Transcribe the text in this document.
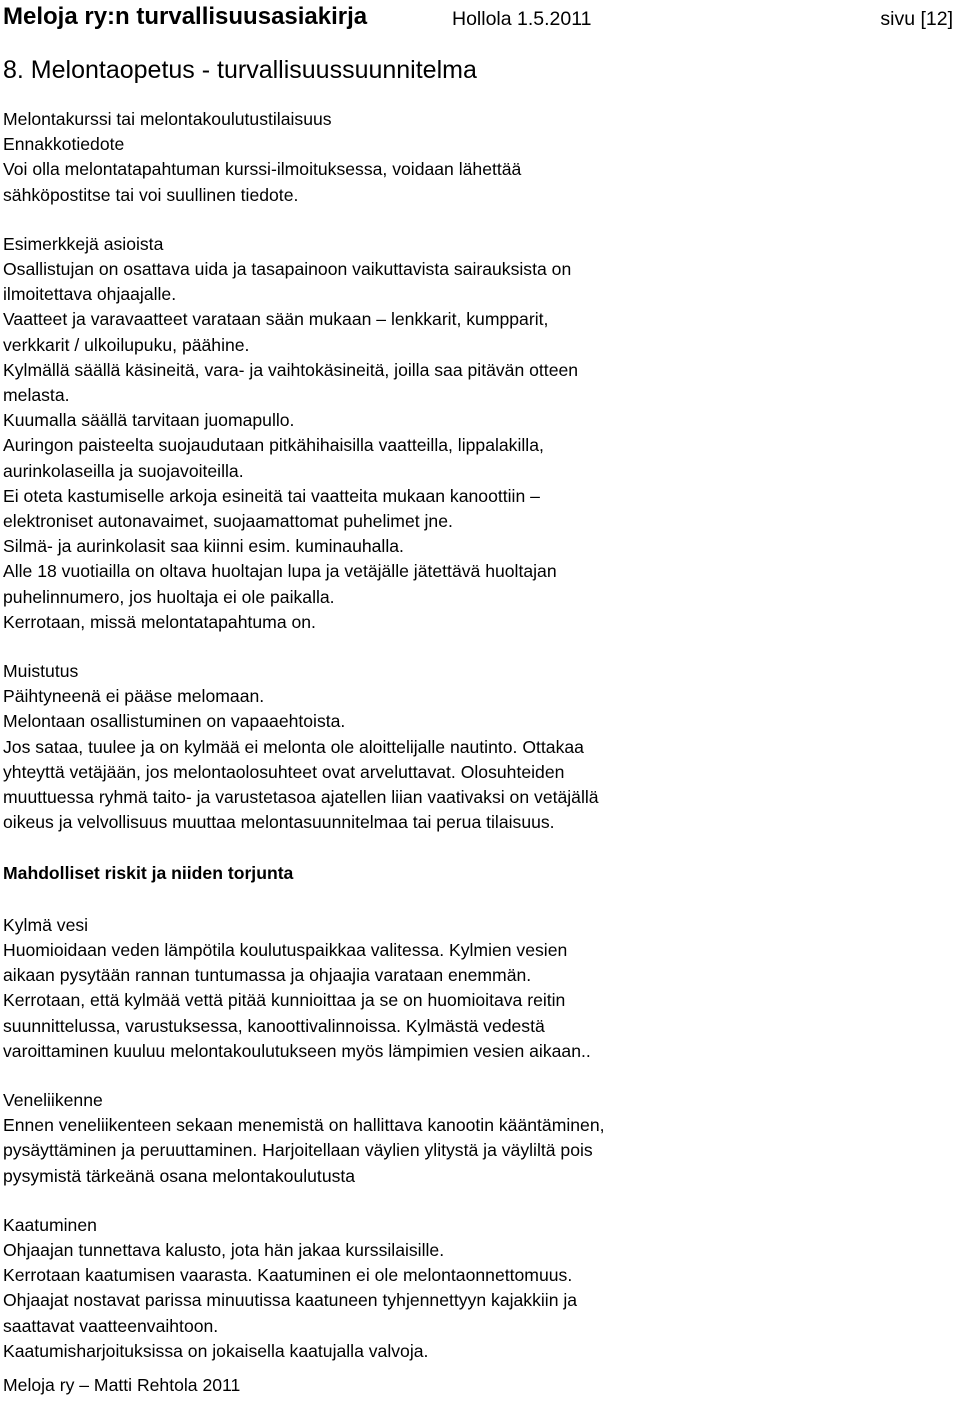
Meloja ry:n turvallisuusasiakirja	Hollola 1.5.2011	sivu [12]
8. Melontaopetus - turvallisuussuunnitelma

Melontakurssi tai melontakoulutustilaisuus

Ennakkotiedote

Voi olla melontatapahtuman kurssi-ilmoituksessa, voidaan lähettää

sähköpostitse tai voi suullinen tiedote.

Esimerkkejä asioista

Osallistujan on osattava uida ja tasapainoon vaikuttavista sairauksista on

ilmoitettava ohjaajalle.

Vaatteet ja varavaatteet varataan sään mukaan – lenkkarit, kumpparit,

verkkarit / ulkoilupuku, päähine.

Kylmällä säällä käsineitä, vara- ja vaihtokäsineitä, joilla saa pitävän otteen

melasta.

Kuumalla säällä tarvitaan juomapullo.

Auringon paisteelta suojaudutaan pitkähihaisilla vaatteilla, lippalakilla,

aurinkolaseilla ja suojavoiteilla.

Ei oteta kastumiselle arkoja esineitä tai vaatteita mukaan kanoottiin –

elektroniset autonavaimet, suojaamattomat puhelimet jne.

Silmä- ja aurinkolasit saa kiinni esim. kuminauhalla.

Alle 18 vuotiailla on oltava huoltajan lupa ja vetäjälle jätettävä huoltajan

puhelinnumero, jos huoltaja ei ole paikalla.

Kerrotaan, missä melontatapahtuma on.

Muistutus

Päihtyneenä ei pääse melomaan.

Melontaan osallistuminen on vapaaehtoista.

Jos sataa, tuulee ja on kylmää ei melonta ole aloittelijalle nautinto. Ottakaa

yhteyttä vetäjään, jos melontaolosuhteet ovat arveluttavat. Olosuhteiden

muuttuessa ryhmä taito- ja varustetasoa ajatellen liian vaativaksi on vetäjällä

oikeus ja velvollisuus muuttaa melontasuunnitelmaa tai perua tilaisuus.

Mahdolliset riskit ja niiden torjunta

Kylmä vesi

Huomioidaan veden lämpötila koulutuspaikkaa valitessa. Kylmien vesien

aikaan pysytään rannan tuntumassa ja ohjaajia varataan enemmän.

Kerrotaan, että kylmää vettä pitää kunnioittaa ja se on huomioitava reitin

suunnittelussa, varustuksessa, kanoottivalinnoissa. Kylmästä vedestä

varoittaminen kuuluu melontakoulutukseen myös lämpimien vesien aikaan..

Veneliikenne

Ennen veneliikenteen sekaan menemistä on hallittava kanootin kääntäminen,

pysäyttäminen ja peruuttaminen. Harjoitellaan väylien ylitystä ja väyliltä pois

pysymistä tärkeänä osana melontakoulutusta

Kaatuminen

Ohjaajan tunnettava kalusto, jota hän jakaa kurssilaisille.

Kerrotaan kaatumisen vaarasta. Kaatuminen ei ole melontaonnettomuus.

Ohjaajat nostavat parissa minuutissa kaatuneen tyhjennettyyn kajakkiin ja

saattavat vaatteenvaihtoon.

Kaatumisharjoituksissa on jokaisella kaatujalla valvoja.

Meloja ry – Matti Rehtola 2011
